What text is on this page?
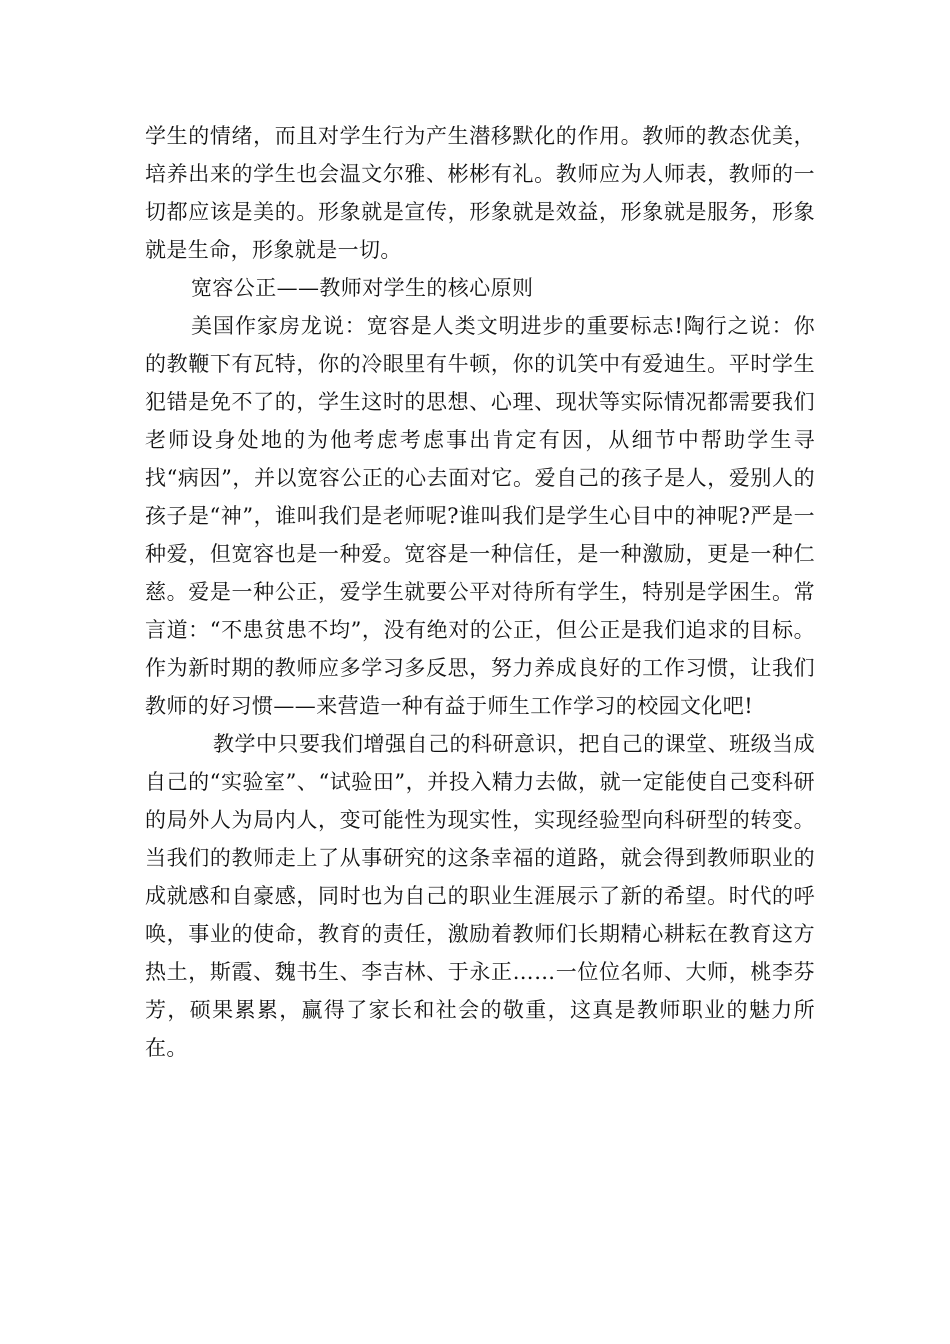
学生的情绪，而且对学生行为产生潜移默化的作用。教师的教态优美，培养出来的学生也会温文尔雅、彬彬有礼。教师应为人师表，教师的一切都应该是美的。形象就是宣传，形象就是效益，形象就是服务，形象就是生命，形象就是一切。

宽容公正——教师对学生的核心原则

美国作家房龙说：宽容是人类文明进步的重要标志!陶行之说：你的教鞭下有瓦特，你的冷眼里有牛顿，你的讥笑中有爱迪生。平时学生犯错是免不了的，学生这时的思想、心理、现状等实际情况都需要我们老师设身处地的为他考虑考虑事出肯定有因，从细节中帮助学生寻找“病因”，并以宽容公正的心去面对它。爱自己的孩子是人，爱别人的孩子是“神”，谁叫我们是老师呢?谁叫我们是学生心目中的神呢?严是一种爱，但宽容也是一种爱。宽容是一种信任，是一种激励，更是一种仁慈。爱是一种公正，爱学生就要公平对待所有学生，特别是学困生。常言道：“不患贫患不均”，没有绝对的公正，但公正是我们追求的目标。作为新时期的教师应多学习多反思，努力养成良好的工作习惯，让我们教师的好习惯——来营造一种有益于师生工作学习的校园文化吧!

教学中只要我们增强自己的科研意识，把自己的课堂、班级当成自己的“实验室”、“试验田”，并投入精力去做，就一定能使自己变科研的局外人为局内人，变可能性为现实性，实现经验型向科研型的转变。当我们的教师走上了从事研究的这条幸福的道路，就会得到教师职业的成就感和自豪感，同时也为自己的职业生涯展示了新的希望。时代的呼唤，事业的使命，教育的责任，激励着教师们长期精心耕耘在教育这方热土，斯霞、魏书生、李吉林、于永正……一位位名师、大师，桃李芬芳，硕果累累，赢得了家长和社会的敬重，这真是教师职业的魅力所在。
